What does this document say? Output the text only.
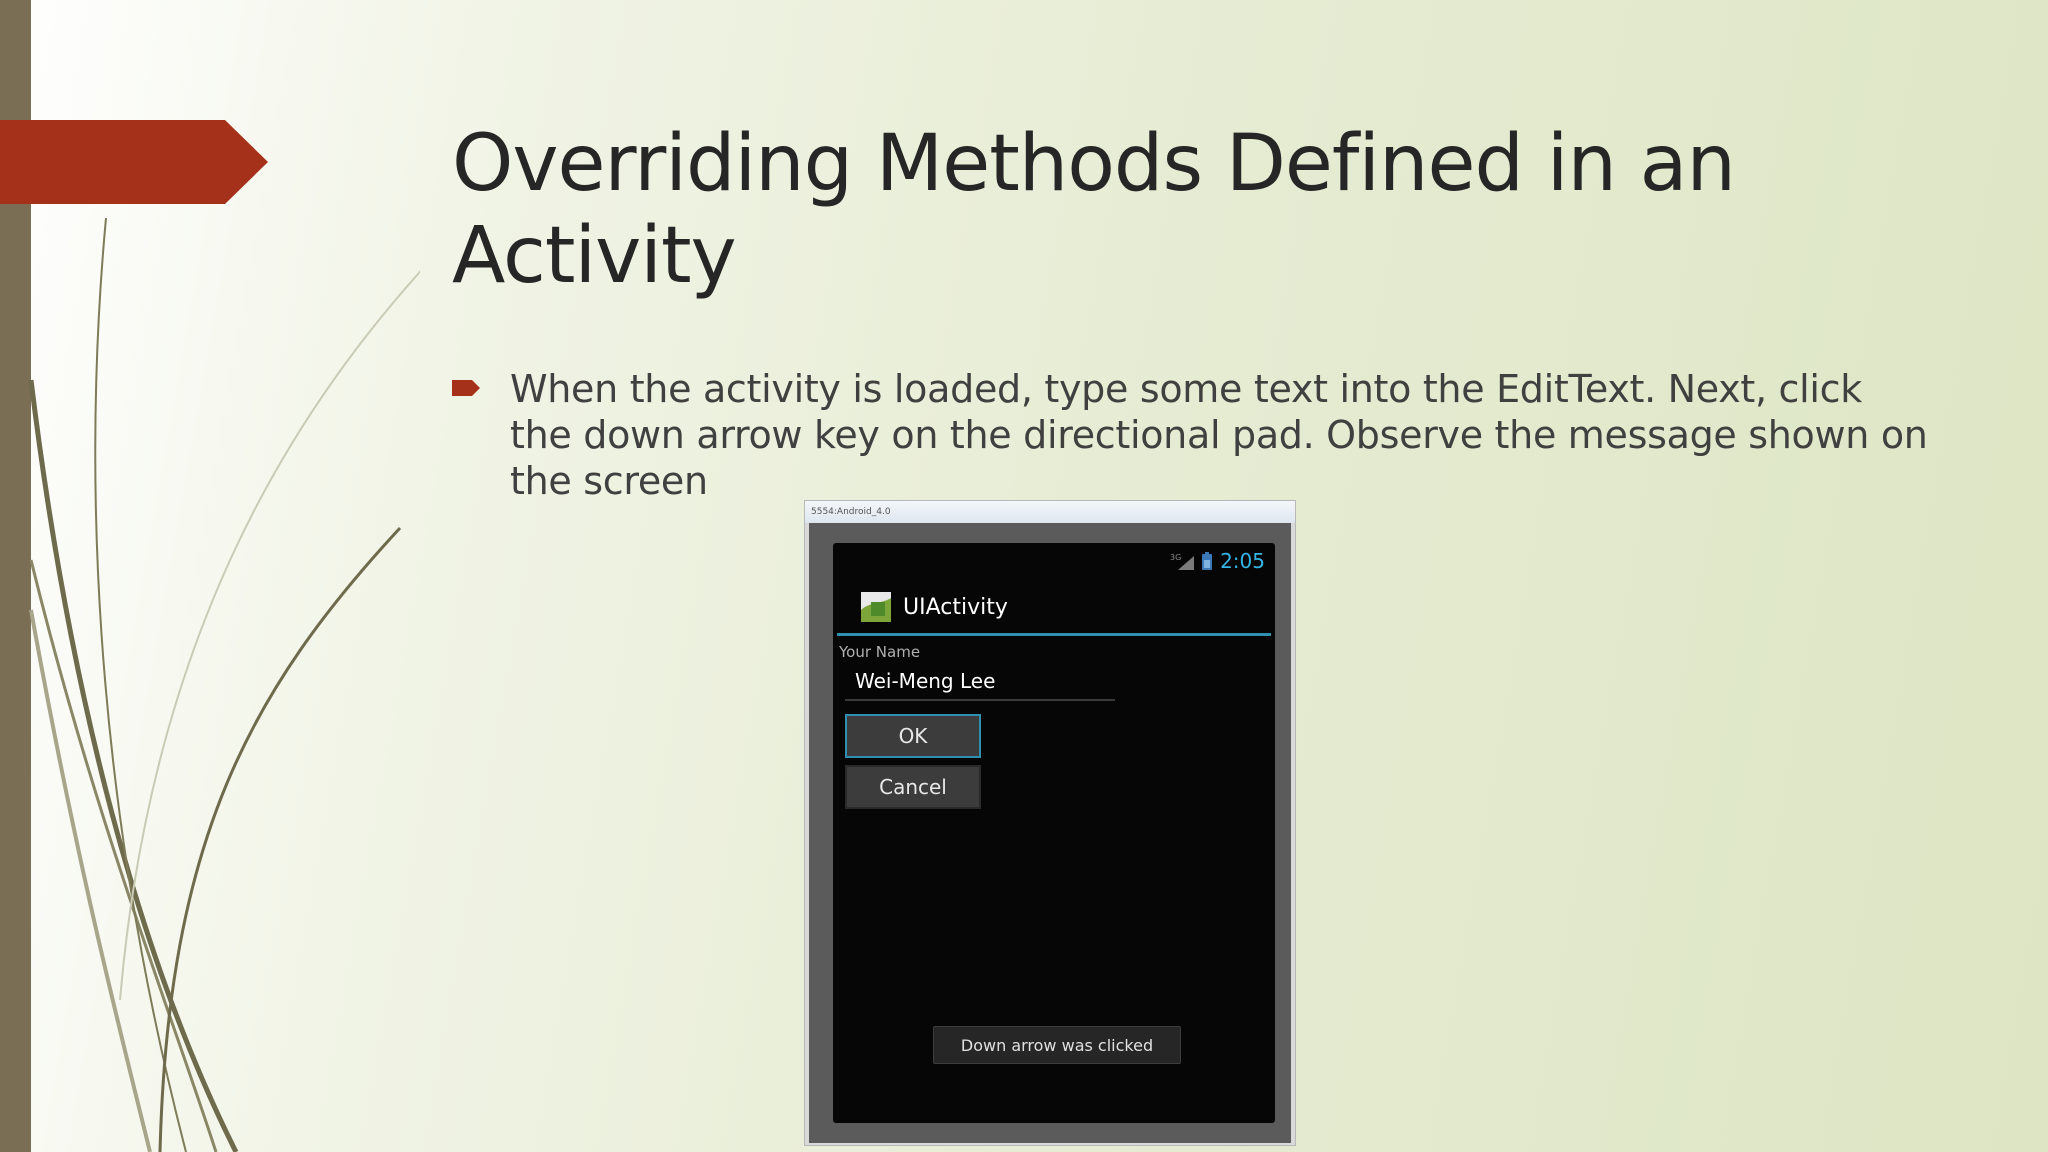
Overriding Methods Defined in an Activity
When the activity is loaded, type some text into the EditText. Next, click the down arrow key on the directional pad. Observe the message shown on the screen
5554:Android_4.0
3G 2:05
UIActivity
Your Name
Wei-Meng Lee
OK
Cancel
Down arrow was clicked
